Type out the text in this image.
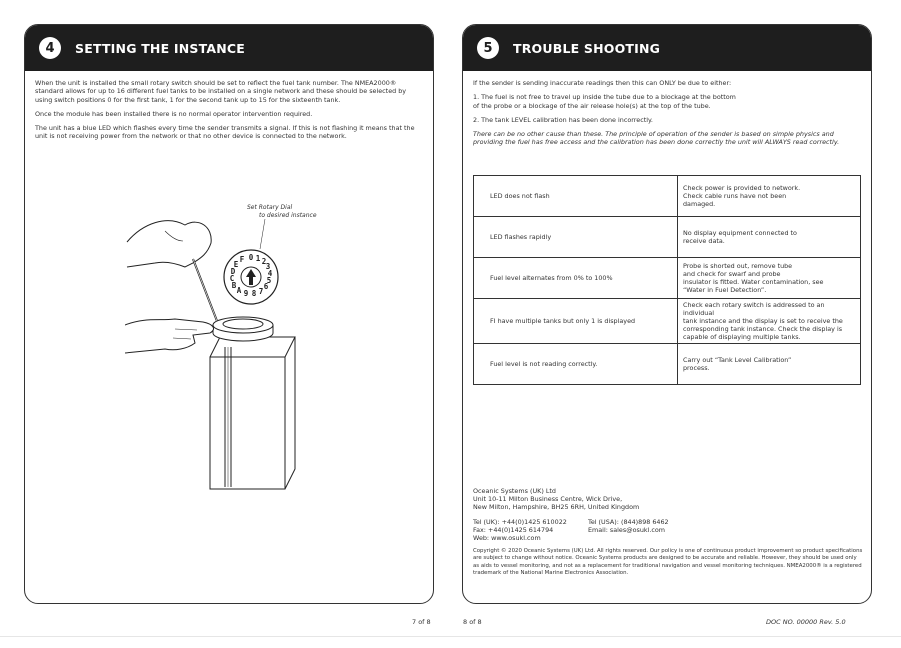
4	SETTING THE INSTANCE

When the unit is installed the small rotary switch should be set to reflect the fuel tank number. The NMEA2000® standard allows for up to 16 different fuel tanks to be installed on a single network and these should be selected by using switch positions 0 for the first tank, 1 for the second tank up to 15 for the sixteenth tank.

Once the module has been installed there is no normal operator intervention required.

The unit has a blue LED which flashes every time the sender transmits a signal. If this is not flashing it means that the unit is not receiving power from the network or that no other device is connected to the network.

Set Rotary Dial
to desired instance
0 1 2
3
4
5
6
7
8
9
A
B
C
D
E
F
7 of 8
5	TROUBLE SHOOTING

If the sender is sending inaccurate readings then this can ONLY be due to either:

1. The fuel is not free to travel up inside the tube due to a blockage at the bottom
of the probe or a blockage of the air release hole(s) at the top of the tube.

2. The tank LEVEL calibration has been done incorrectly.

There can be no other cause than these. The principle of operation of the sender is based on simple physics and providing the fuel has free access and the calibration has been done correctly the unit will ALWAYS read correctly.

LED does not flash	Check power is provided to network.
Check cable runs have not been
damaged.
LED flashes rapidly	No display equipment connected to
receive data.
Fuel level alternates from 0% to 100%	Probe is shorted out, remove tube
and check for swarf and probe
insulator is fitted. Water contamination, see
“Water in Fuel Detection”.
FI have multiple tanks but only 1 is displayed	Check each rotary switch is addressed to an individual
tank instance and the display is set to receive the
corresponding tank instance. Check the display is
capable of displaying multiple tanks.
Fuel level is not reading correctly.	Carry out “Tank Level Calibration”
process.
Oceanic Systems (UK) Ltd
Unit 10-11 Milton Business Centre, Wick Drive,
New Milton, Hampshire, BH25 6RH, United Kingdom
Tel (UK): +44(0)1425 610022	Tel (USA): (844)898 6462
Fax: +44(0)1425 614794	Email: sales@osukl.com
Web: www.osukl.com
Copyright © 2020 Oceanic Systems (UK) Ltd. All rights reserved. Our policy is one of continuous product improvement so product specifications are subject to change without notice. Oceanic Systems products are designed to be accurate and reliable. However, they should be used only as aids to vessel monitoring, and not as a replacement for traditional navigation and vessel monitoring techniques. NMEA2000® is a registered trademark of the National Marine Electronics Association.
8 of 8	DOC NO. 00000 Rev. 5.0
